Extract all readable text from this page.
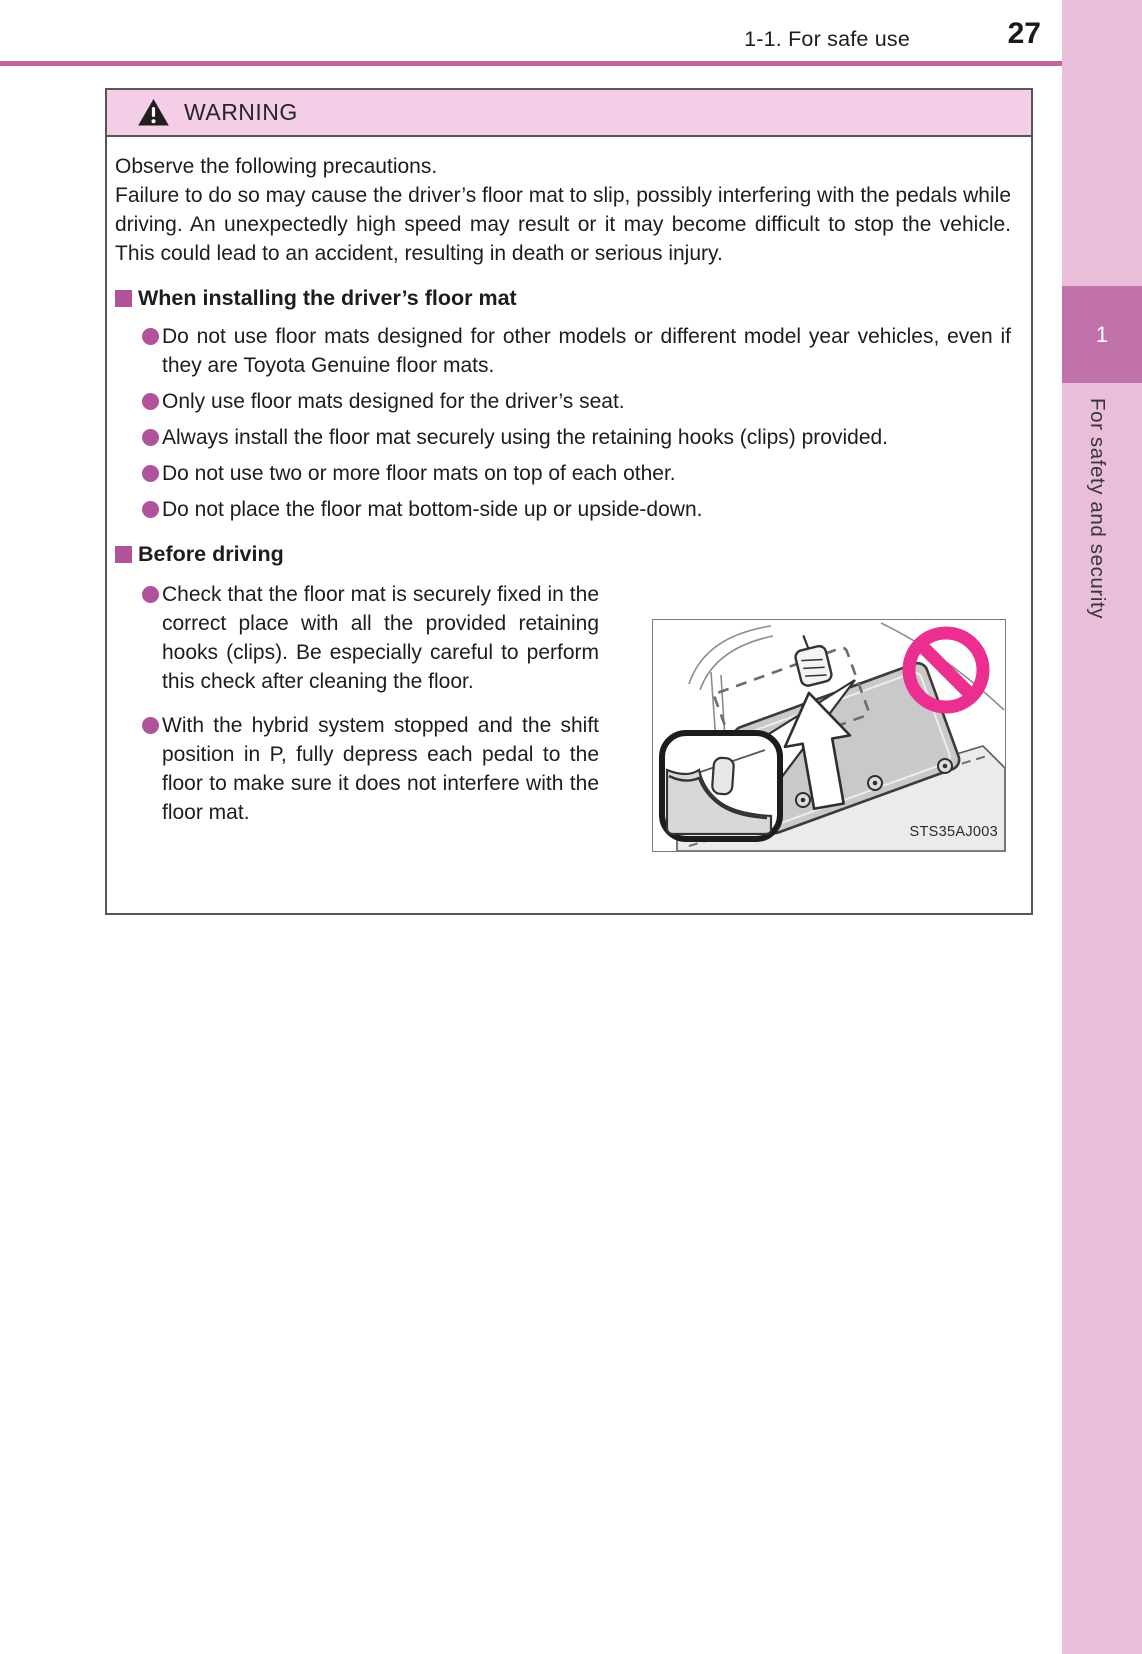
1-1. For safe use	27
1
For safety and security
WARNING
Observe the following precautions.
Failure to do so may cause the driver’s floor mat to slip, possibly interfering with the pedals while driving. An unexpectedly high speed may result or it may become difficult to stop the vehicle. This could lead to an accident, resulting in death or serious injury.
When installing the driver’s floor mat
Do not use floor mats designed for other models or different model year vehicles, even if they are Toyota Genuine floor mats.
Only use floor mats designed for the driver’s seat.
Always install the floor mat securely using the retaining hooks (clips) provided.
Do not use two or more floor mats on top of each other.
Do not place the floor mat bottom-side up or upside-down.
Before driving
Check that the floor mat is securely fixed in the correct place with all the provided retaining hooks (clips). Be especially careful to perform this check after cleaning the floor.
With the hybrid system stopped and the shift position in P, fully depress each pedal to the floor to make sure it does not interfere with the floor mat.
STS35AJ003
